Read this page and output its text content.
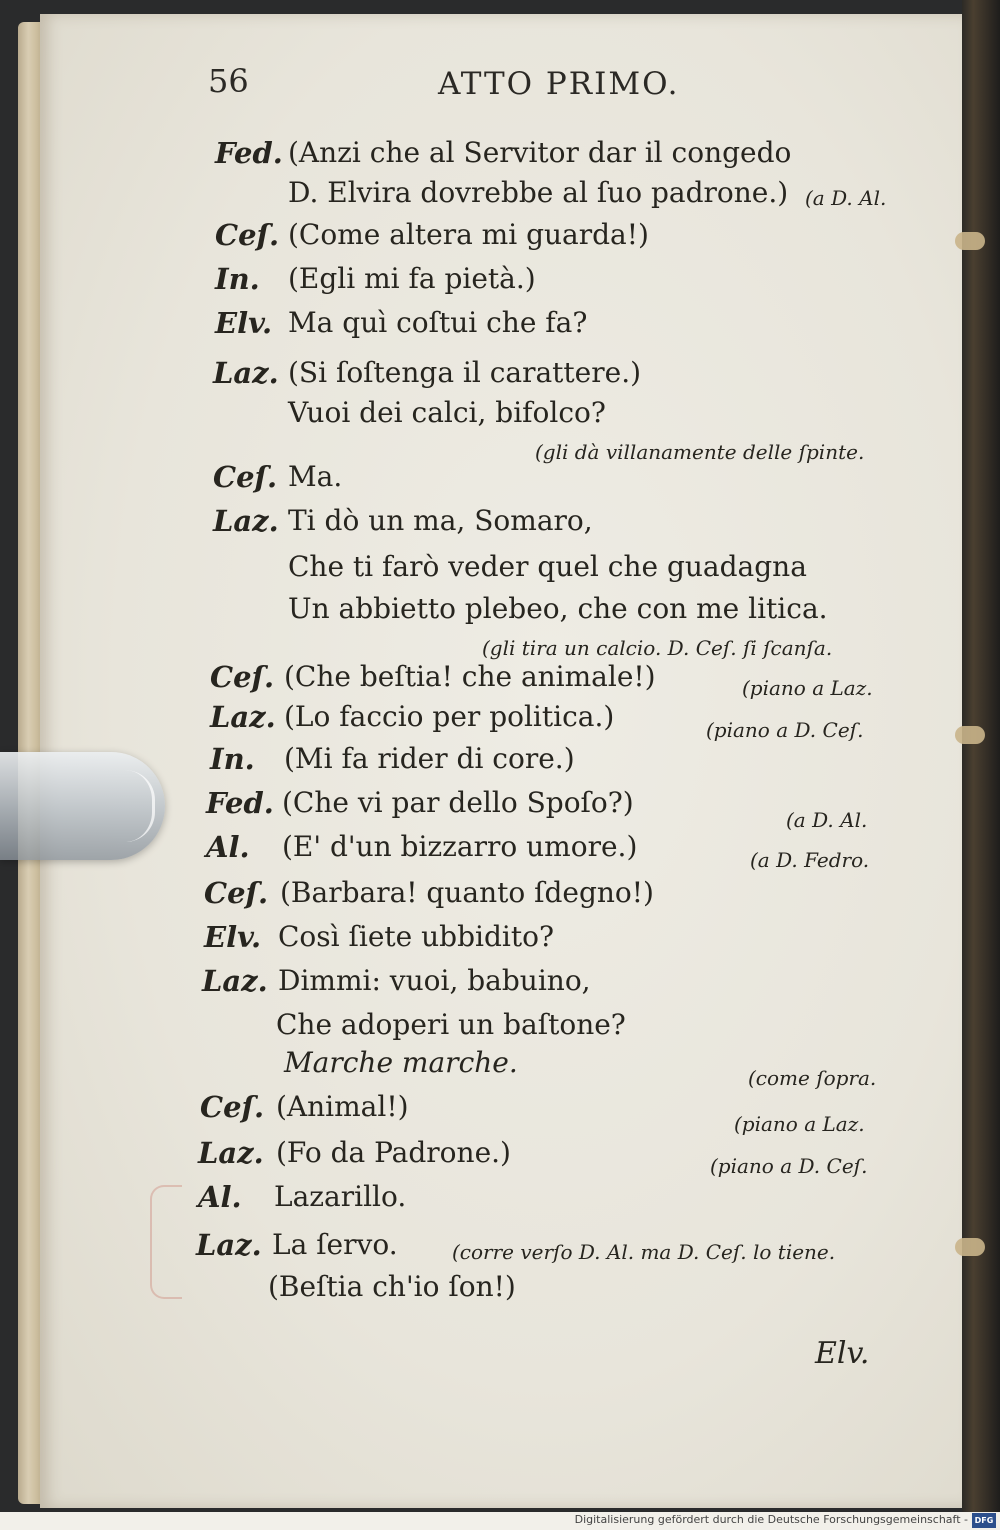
56	ATTO PRIMO.
Fed. (Anzi che al Servitor dar il congedo
D. Elvira dovrebbe al ſuo padrone.) (a D. Al.
Ceſ. (Come altera mi guarda!)
In. (Egli mi fa pietà.)
Elv. Ma quì coſtui che fa?
Laz. (Si ſoſtenga il carattere.)
Vuoi dei calci, bifolco?
(gli dà villanamente delle ſpinte.
Ceſ. Ma.
Laz. Ti dò un ma, Somaro,
Che ti farò veder quel che guadagna
Un abbietto plebeo, che con me litica.
(gli tira un calcio. D. Ceſ. ſi ſcanſa.
Ceſ. (Che beſtia! che animale!)	(piano a Laz.
Laz. (Lo faccio per politica.)	(piano a D. Ceſ.
In. (Mi fa rider di core.)
Fed. (Che vi par dello Spoſo?)
(a D. Al.
Al. (E' d'un bizzarro umore.)	(a D. Fedro.
Ceſ. (Barbara! quanto ſdegno!)
Elv. Così ſiete ubbidito?
Laz. Dimmi: vuoi, babuino,
Che adoperi un baſtone?
Marche marche.	(come ſopra.
Ceſ. (Animal!)
(piano a Laz.
Laz. (Fo da Padrone.)	(piano a D. Ceſ.
Al. Lazarillo.
Laz. La ſervo.	(corre verſo D. Al. ma D. Ceſ. lo tiene.
(Beſtia ch'io ſon!)
Elv.
Digitalisierung gefördert durch die Deutsche Forschungsgemeinschaft - DFG
